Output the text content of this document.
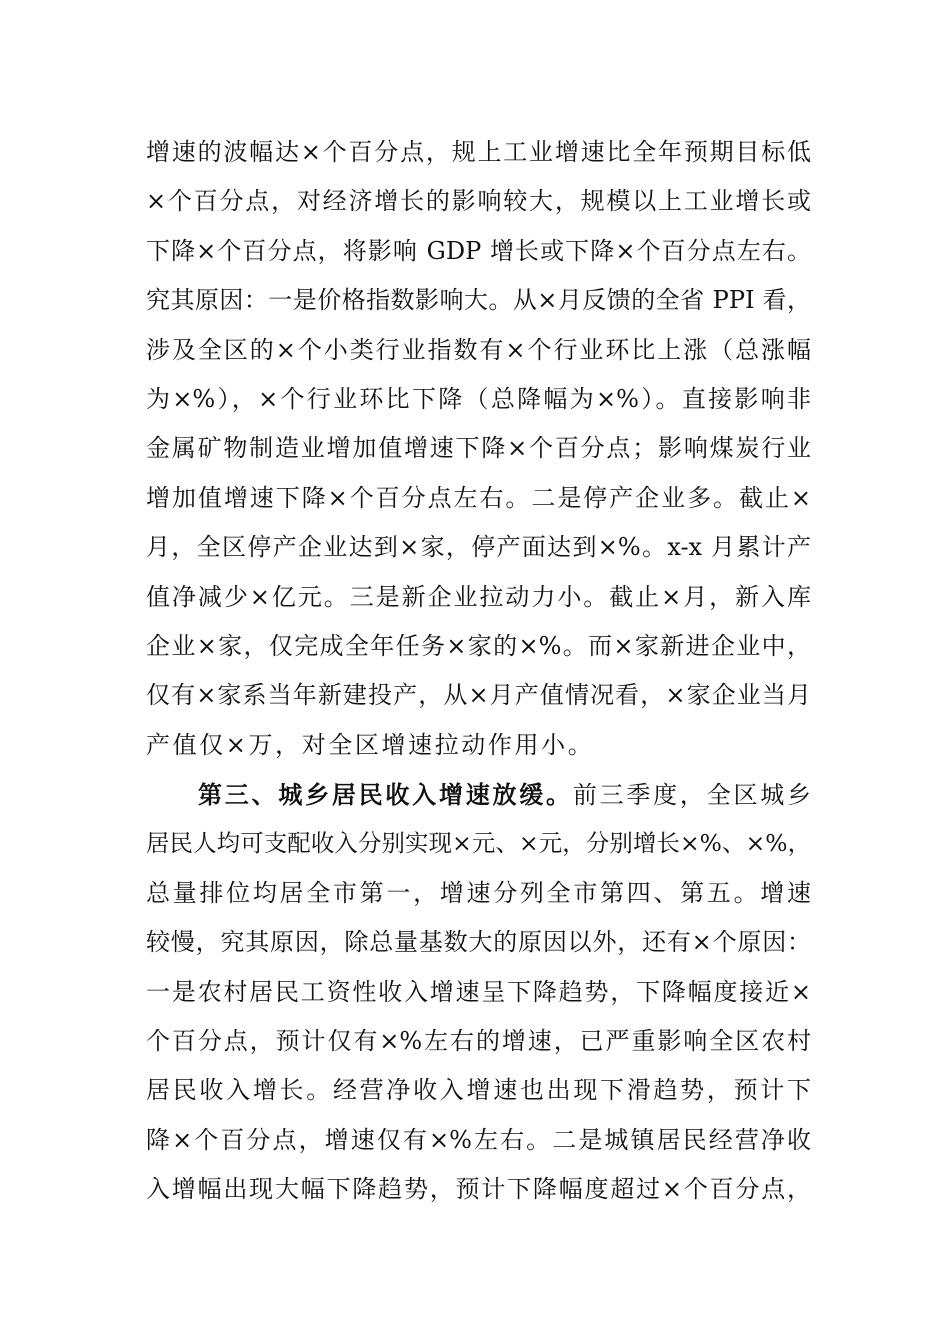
增速的波幅达×个百分点，规上工业增速比全年预期目标低
×个百分点，对经济增长的影响较大，规模以上工业增长或
下降×个百分点，将影响 GDP 增长或下降×个百分点左右。
究其原因：一是价格指数影响大。从×月反馈的全省 PPI 看，
涉及全区的×个小类行业指数有×个行业环比上涨（总涨幅
为×%），×个行业环比下降（总降幅为×%）。直接影响非
金属矿物制造业增加值增速下降×个百分点；影响煤炭行业
增加值增速下降×个百分点左右。二是停产企业多。截止×
月，全区停产企业达到×家，停产面达到×%。x-x 月累计产
值净减少×亿元。三是新企业拉动力小。截止×月，新入库
企业×家，仅完成全年任务×家的×%。而×家新进企业中，
仅有×家系当年新建投产，从×月产值情况看，×家企业当月
产值仅×万，对全区增速拉动作用小。
第三、城乡居民收入增速放缓。前三季度，全区城乡
居民人均可支配收入分别实现×元、×元，分别增长×%、×%，
总量排位均居全市第一，增速分列全市第四、第五。增速
较慢，究其原因，除总量基数大的原因以外，还有×个原因：
一是农村居民工资性收入增速呈下降趋势，下降幅度接近×
个百分点，预计仅有×%左右的增速，已严重影响全区农村
居民收入增长。经营净收入增速也出现下滑趋势，预计下
降×个百分点，增速仅有×%左右。二是城镇居民经营净收
入增幅出现大幅下降趋势，预计下降幅度超过×个百分点，
